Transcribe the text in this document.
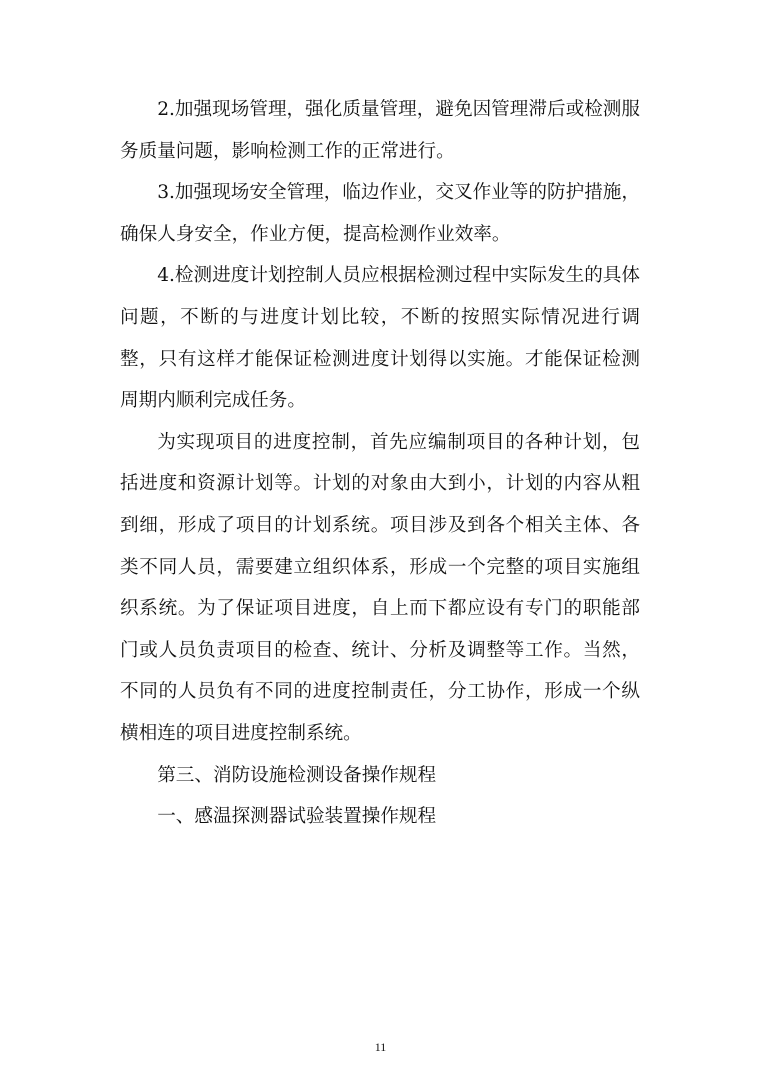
2.加强现场管理，强化质量管理，避免因管理滞后或检测服务质量问题，影响检测工作的正常进行。

3.加强现场安全管理，临边作业，交叉作业等的防护措施，确保人身安全，作业方便，提高检测作业效率。

4.检测进度计划控制人员应根据检测过程中实际发生的具体问题，不断的与进度计划比较，不断的按照实际情况进行调整，只有这样才能保证检测进度计划得以实施。才能保证检测周期内顺利完成任务。

为实现项目的进度控制，首先应编制项目的各种计划，包括进度和资源计划等。计划的对象由大到小，计划的内容从粗到细，形成了项目的计划系统。项目涉及到各个相关主体、各类不同人员，需要建立组织体系，形成一个完整的项目实施组织系统。为了保证项目进度，自上而下都应设有专门的职能部门或人员负责项目的检查、统计、分析及调整等工作。当然，不同的人员负有不同的进度控制责任，分工协作，形成一个纵横相连的项目进度控制系统。

第三、消防设施检测设备操作规程

一、感温探测器试验装置操作规程

11
